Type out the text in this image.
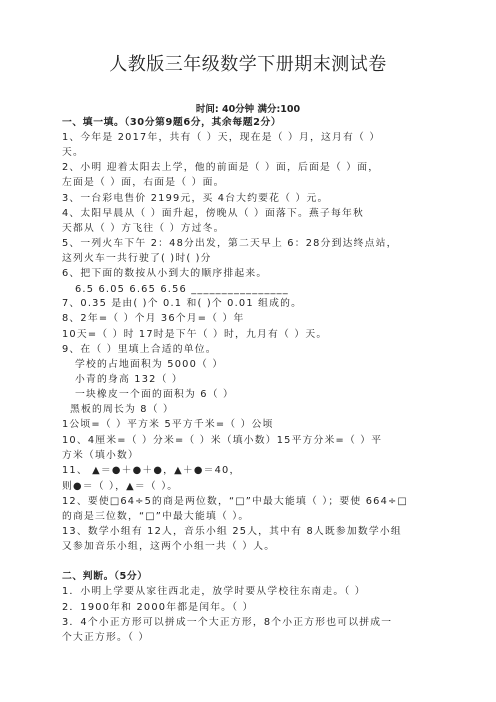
人教版三年级数学下册期末测试卷
时间: 40分钟 满分:100
一、填一填。（30分第9题6分，其余每题2分）
1、今年是 2017年，共有（ ）天，现在是（ ）月，这月有（ ）
天。
2、小明 迎着太阳去上学，他的前面是（ ）面，后面是（ ）面，
左面是（ ）面，右面是（ ）面。
3、一台彩电售价 2199元，买 4台大约要花（ ）元。
4、太阳早晨从（ ）面升起，傍晚从（ ）面落下。燕子每年秋
天都从（ ）方飞往（ ）方过冬。
5、一列火车下午 2：48分出发，第二天早上 6：28分到达终点站，
这列火车一共行驶了( )时( )分
6、把下面的数按从小到大的顺序排起来。
6.5 6.05 6.65 6.56 ________________
7、0.35 是由( )个 0.1 和( )个 0.01 组成的。
8、2年=（ ）个月 36个月=（ ）年
10天=（ ）时 17时是下午（ ）时，九月有（ ）天。
9、在（ ）里填上合适的单位。
学校的占地面积为 5000（ ）
小青的身高 132（ ）
一块橡皮一个面的面积为 6（ ）
黑板的周长为 8（ ）
1公顷=（ ）平方米 5平方千米=（ ）公顷
10、4厘米=（ ）分米=（ ）米（填小数）15平方分米=（ ）平
方米（填小数）
11、 ▲＝●＋●＋●，▲＋●＝40，
则●＝（ ），▲＝（ ）。
12、要使□64÷5的商是两位数，“□”中最大能填（ ）；要使 664÷□
的商是三位数，“□”中最大能填（ ）。
13、数学小组有 12人，音乐小组 25人，其中有 8人既参加数学小组
又参加音乐小组，这两个小组一共（ ）人。
二、判断。（5分）
1．小明上学要从家往西北走，放学时要从学校往东南走。（ ）
2．1900年和 2000年都是闰年。（ ）
3．4个小正方形可以拼成一个大正方形，8个小正方形也可以拼成一
个大正方形。（ ）
